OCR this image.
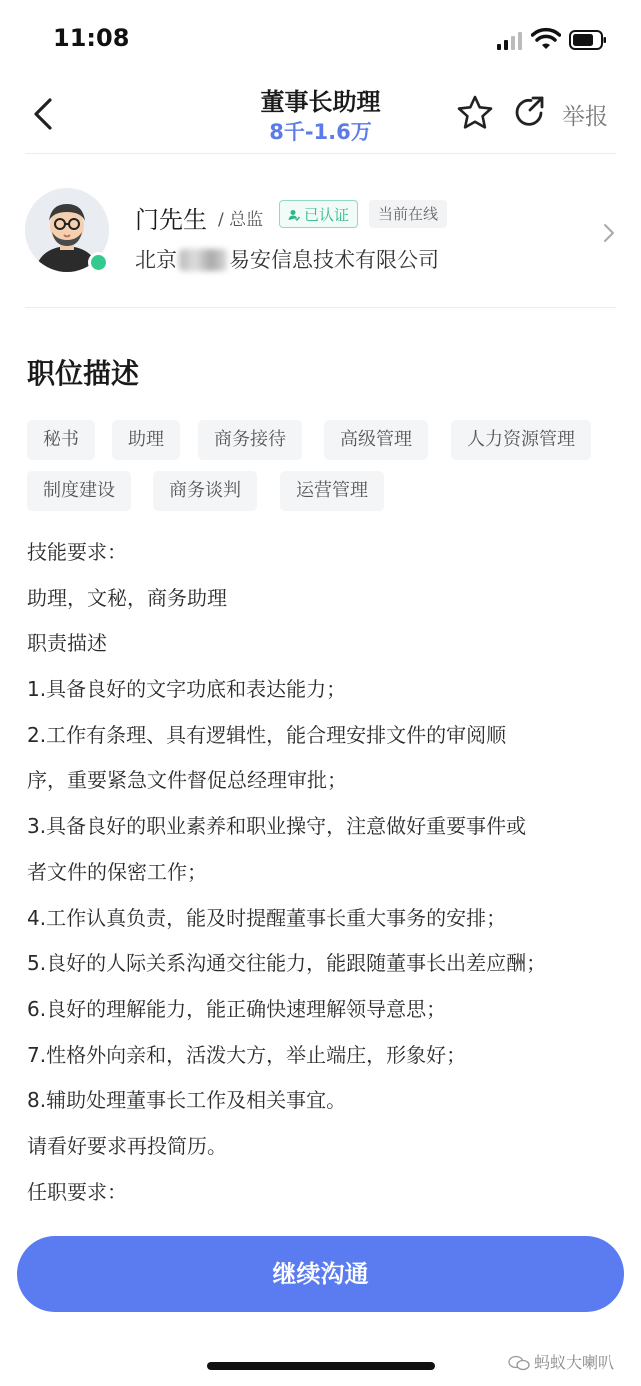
11:08
董事长助理
8千-1.6万
举报
门先生 / 总监	已认证	当前在线
北京 易安信息技术有限公司
职位描述
秘书	助理	商务接待	高级管理	人力资源管理
制度建设	商务谈判	运营管理
技能要求：
助理，文秘，商务助理
职责描述
1.具备良好的文字功底和表达能力；
2.工作有条理、具有逻辑性，能合理安排文件的审阅顺
序，重要紧急文件督促总经理审批；
3.具备良好的职业素养和职业操守，注意做好重要事件或
者文件的保密工作；
4.工作认真负责，能及时提醒董事长重大事务的安排；
5.良好的人际关系沟通交往能力，能跟随董事长出差应酬；
6.良好的理解能力，能正确快速理解领导意思；
7.性格外向亲和，活泼大方，举止端庄，形象好；
8.辅助处理董事长工作及相关事宜。
请看好要求再投简历。
任职要求：
继续沟通
蚂蚁大喇叭
